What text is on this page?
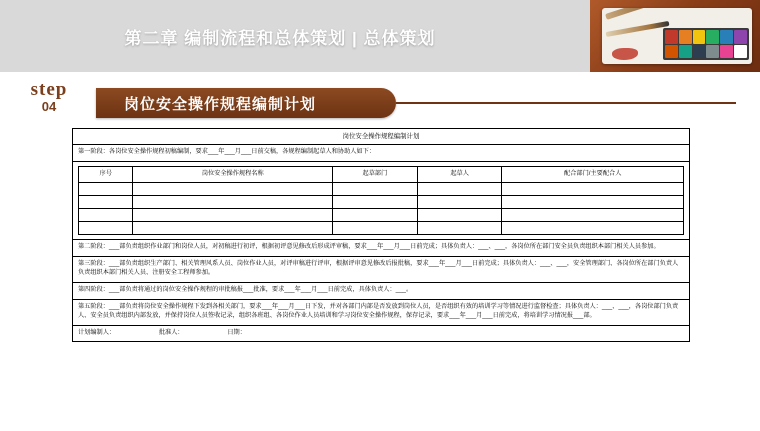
第二章 编制流程和总体策划 | 总体策划
step
04	岗位安全操作规程编制计划
岗位安全操作规程编制计划

第一阶段：各岗位安全操作规程初稿编制，要求___年___月___日前交稿，各规程编制起草人和协助人如下：

序号	岗位安全操作规程名称	起草部门	起草人	配合部门/主要配合人

第二阶段：___部负责组织作业部门和岗位人员，对初稿进行初评，根据初评意见修改后形成评审稿，要求___年___月___日前完成；具体负责人：___、___，各岗位所在部门安全员负责组织本部门相关人员参加。

第三阶段：___部负责组织生产部门、相关管理风系人员、岗位作业人员，对评审稿进行评审，根据评审意见修改后报批稿，要求___年___月___日前完成；具体负责人：___、___，安全管理部门、各岗位所在部门负责人负责组织本部门相关人员、注册安全工程师参加。

第四阶段：___部负责将通过的岗位安全操作规程的审批稿报___批准，要求___年___月___日前完成，具体负责人：___。

第五阶段：___部负责将岗位安全操作规程下发到各相关部门，要求___年___月___日下发，并对各部门内部是否发放到岗位人员，是否组织有效的培训学习等情况进行监督检查；具体负责人：___、___，各岗位部门负责人、安全员负责组织内部发放，并保持岗位人员签收记录，组织各班组、各岗位作业人员培训和学习岗位安全操作规程，保存记录，要求___年___月___日前完成，将培训学习情况报___部。

计划编制人：	批准人：	日期：
